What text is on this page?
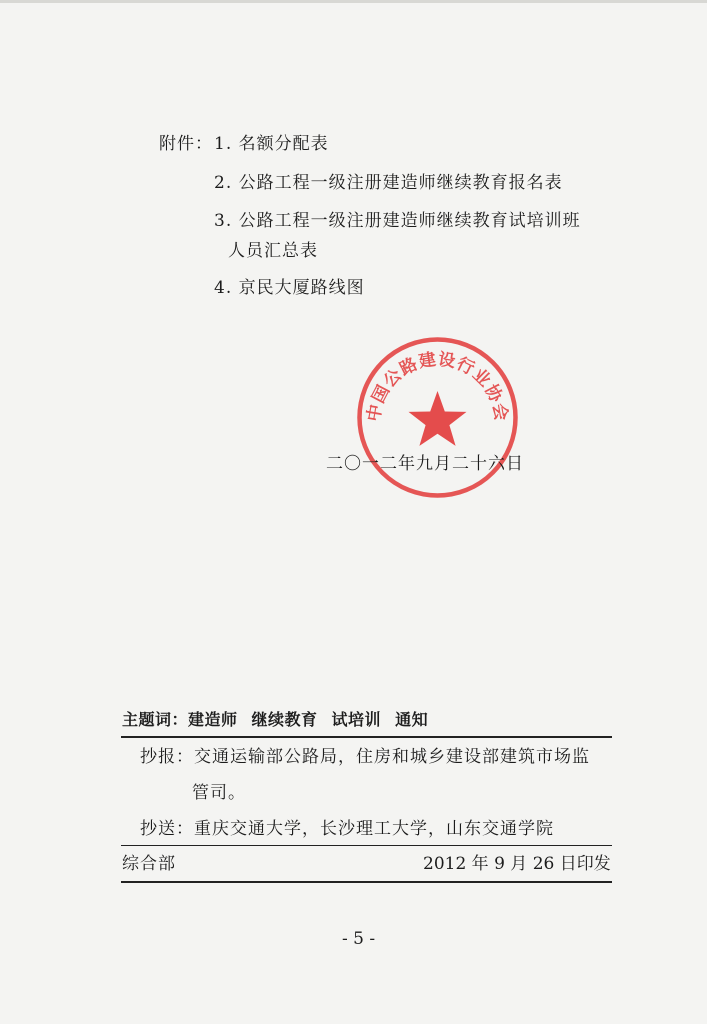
附件： 1. 名额分配表
2. 公路工程一级注册建造师继续教育报名表
3. 公路工程一级注册建造师继续教育试培训班
人员汇总表
4. 京民大厦路线图
中国公路建设行业协会
二〇一二年九月二十六日
主题词：建造师 继续教育 试培训 通知
抄报：交通运输部公路局，住房和城乡建设部建筑市场监
管司。
抄送：重庆交通大学，长沙理工大学，山东交通学院
综合部	2012 年 9 月 26 日印发
- 5 -
